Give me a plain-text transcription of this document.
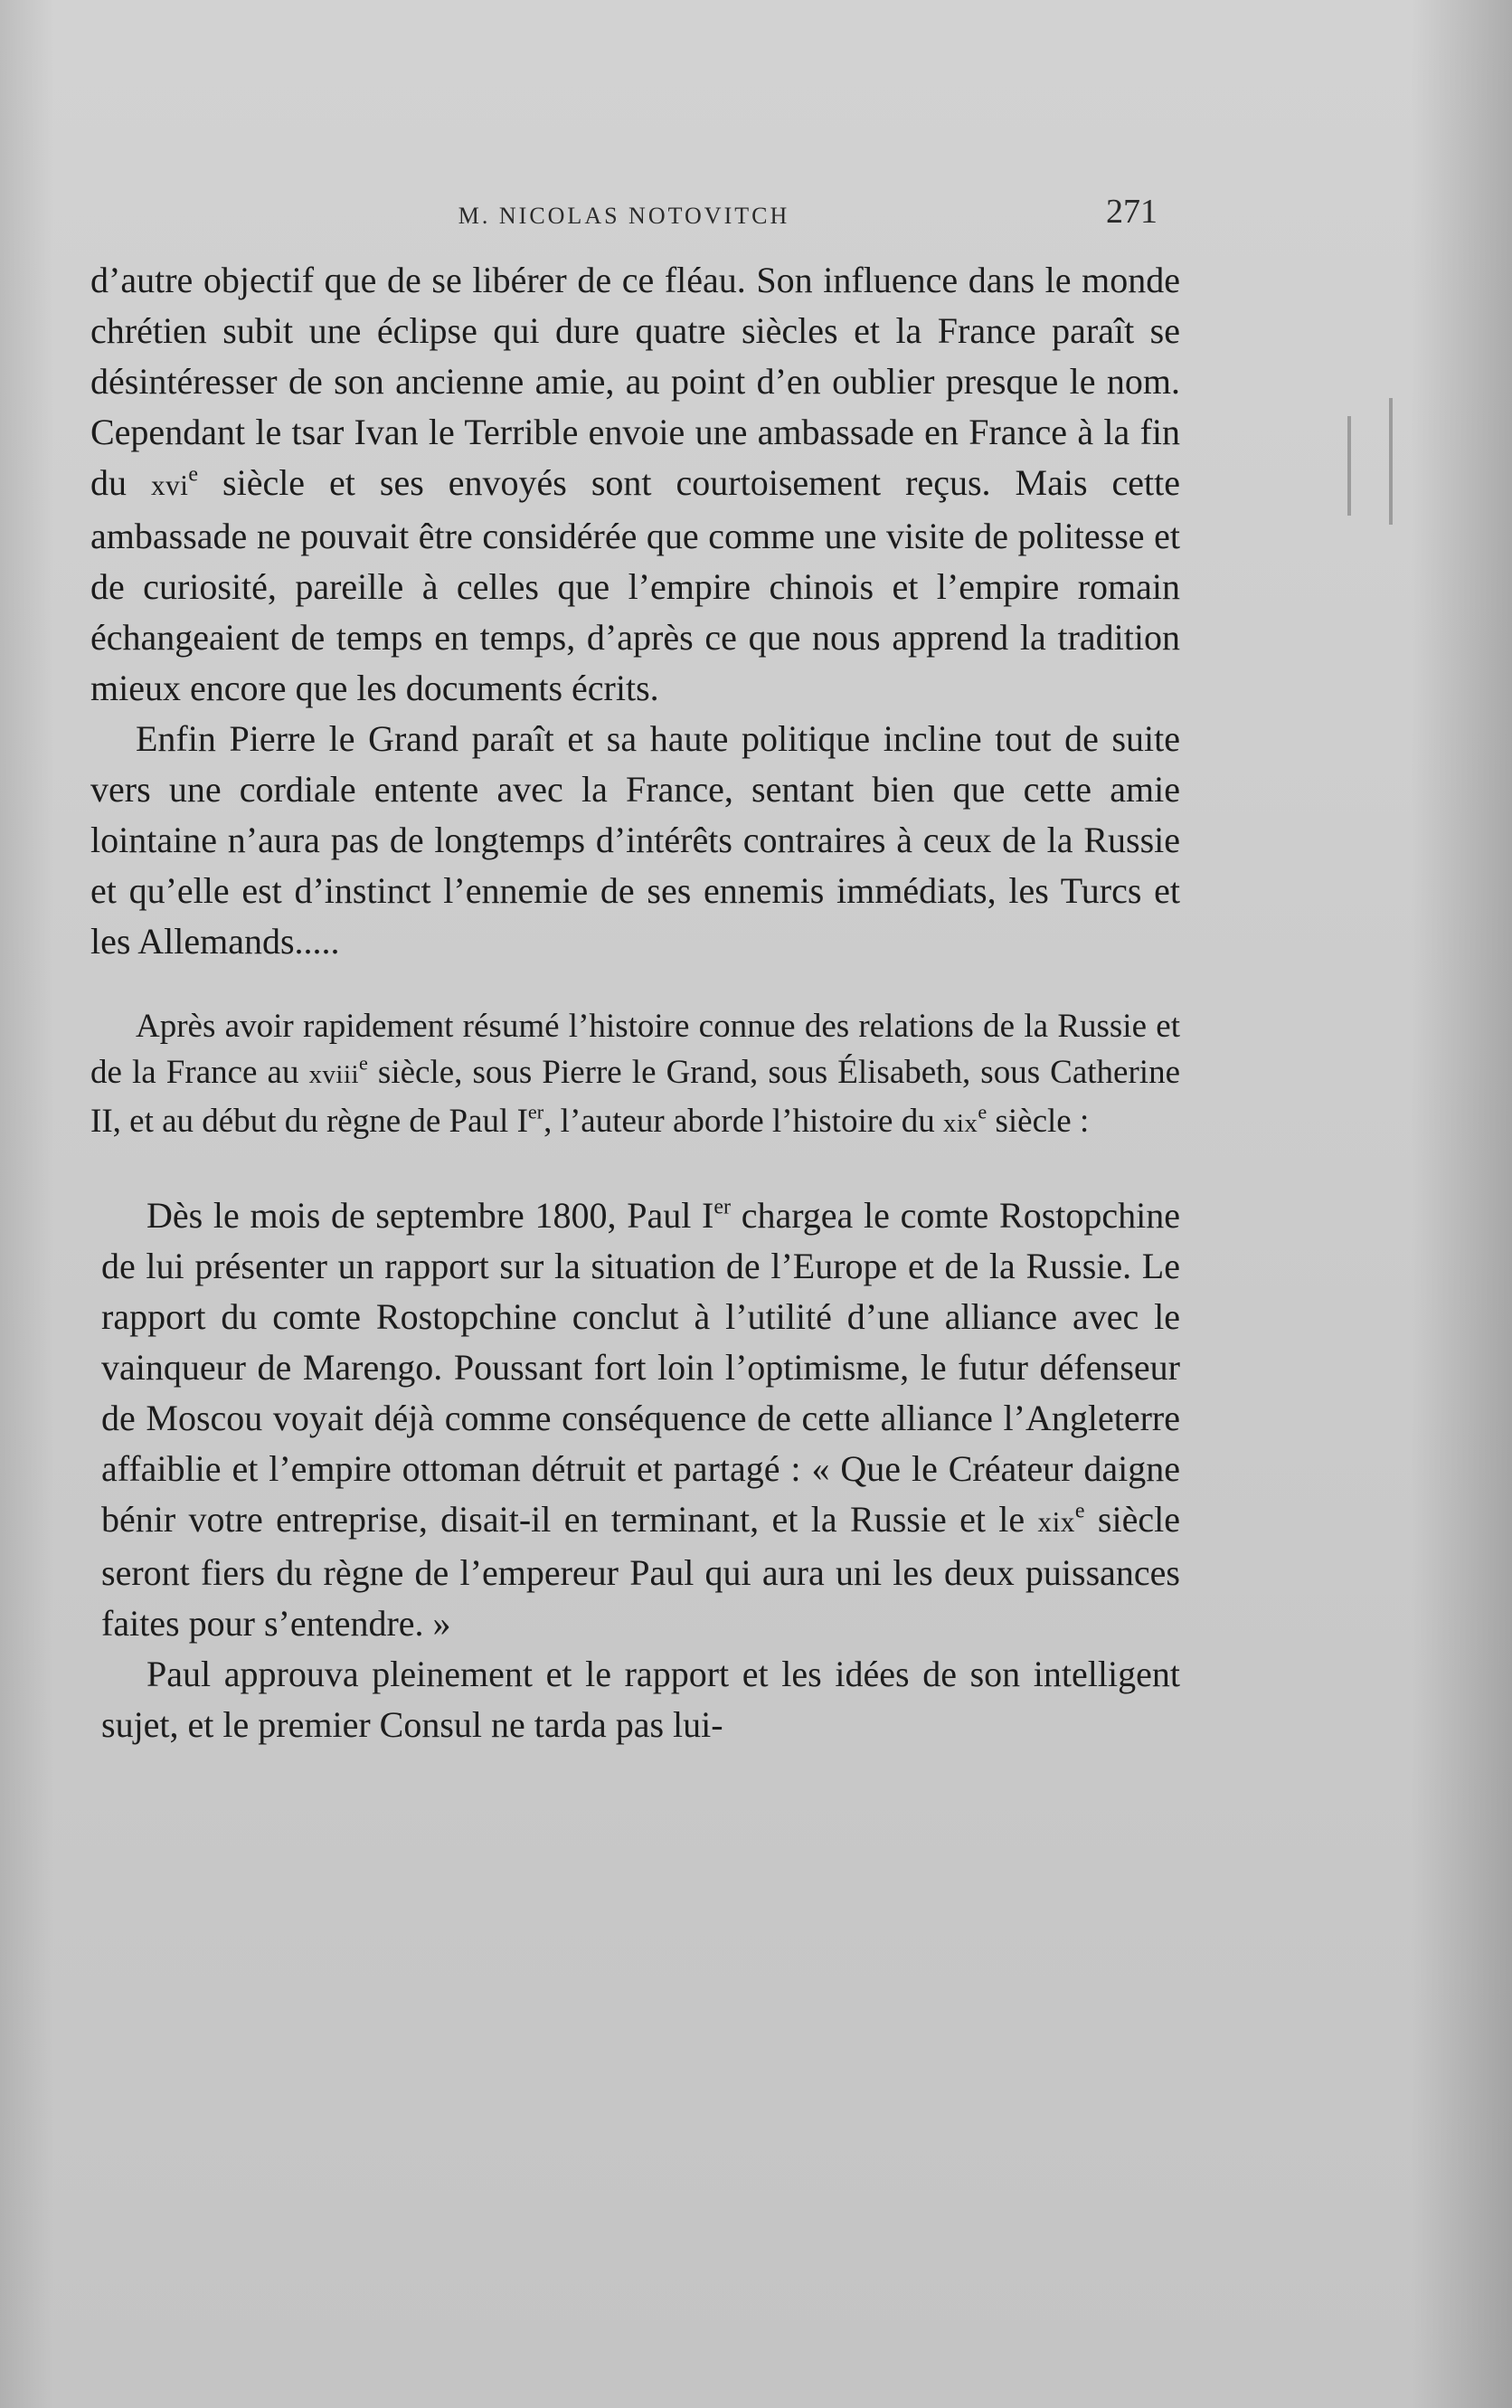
M. NICOLAS NOTOVITCH	271

d’autre objectif que de se libérer de ce fléau. Son influence dans le monde chrétien subit une éclipse qui dure quatre siècles et la France paraît se désintéresser de son ancienne amie, au point d’en oublier presque le nom. Cependant le tsar Ivan le Terrible envoie une ambassade en France à la fin du xvi$^e$ siècle et ses envoyés sont courtoisement reçus. Mais cette ambassade ne pouvait être considérée que comme une visite de politesse et de curiosité, pareille à celles que l’empire chinois et l’empire romain échangeaient de temps en temps, d’après ce que nous apprend la tradition mieux encore que les documents écrits.

Enfin Pierre le Grand paraît et sa haute politique incline tout de suite vers une cordiale entente avec la France, sentant bien que cette amie lointaine n’aura pas de longtemps d’intérêts contraires à ceux de la Russie et qu’elle est d’instinct l’ennemie de ses ennemis immédiats, les Turcs et les Allemands.....

Après avoir rapidement résumé l’histoire connue des relations de la Russie et de la France au xviii$^e$ siècle, sous Pierre le Grand, sous Élisabeth, sous Catherine II, et au début du règne de Paul Ier, l’auteur aborde l’histoire du xix$^e$ siècle :

Dès le mois de septembre 1800, Paul Ier chargea le comte Rostopchine de lui présenter un rapport sur la situation de l’Europe et de la Russie. Le rapport du comte Rostopchine conclut à l’utilité d’une alliance avec le vainqueur de Marengo. Poussant fort loin l’optimisme, le futur défenseur de Moscou voyait déjà comme conséquence de cette alliance l’Angleterre affaiblie et l’empire ottoman détruit et partagé : « Que le Créateur daigne bénir votre entreprise, disait-il en terminant, et la Russie et le xix$^e$ siècle seront fiers du règne de l’empereur Paul qui aura uni les deux puissances faites pour s’entendre. »

Paul approuva pleinement et le rapport et les idées de son intelligent sujet, et le premier Consul ne tarda pas lui-
